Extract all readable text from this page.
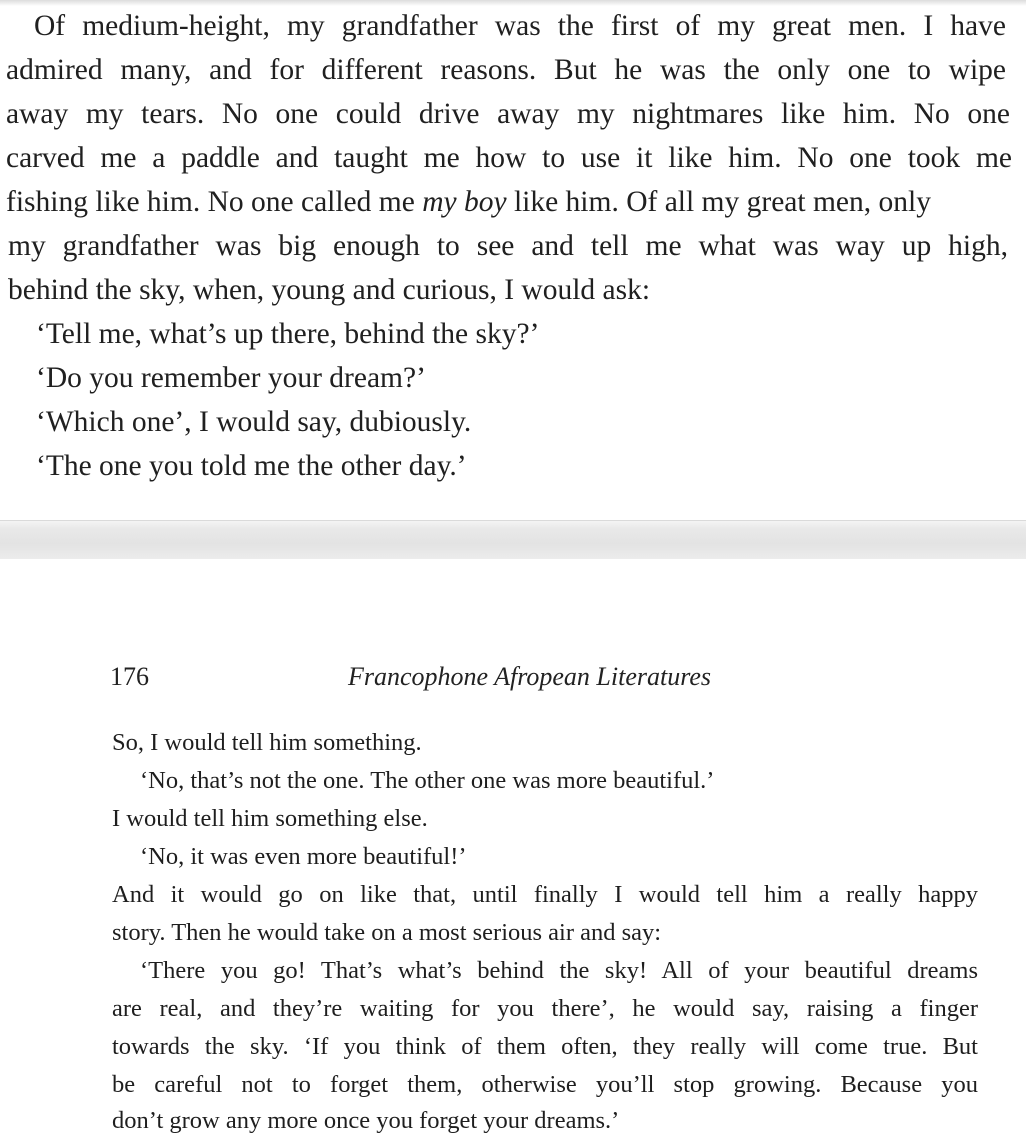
Of medium-height, my grandfather was the first of my great men. I have
admired many, and for different reasons. But he was the only one to wipe
away my tears. No one could drive away my nightmares like him. No one
carved me a paddle and taught me how to use it like him. No one took me
fishing like him. No one called me my boy like him. Of all my great men, only
my grandfather was big enough to see and tell me what was way up high,
behind the sky, when, young and curious, I would ask:
‘Tell me, what’s up there, behind the sky?’
‘Do you remember your dream?’
‘Which one’, I would say, dubiously.
‘The one you told me the other day.’
176	Francophone Afropean Literatures
So, I would tell him something.
‘No, that’s not the one. The other one was more beautiful.’
I would tell him something else.
‘No, it was even more beautiful!’
And it would go on like that, until finally I would tell him a really happy
story. Then he would take on a most serious air and say:
‘There you go! That’s what’s behind the sky! All of your beautiful dreams
are real, and they’re waiting for you there’, he would say, raising a finger
towards the sky. ‘If you think of them often, they really will come true. But
be careful not to forget them, otherwise you’ll stop growing. Because you
don’t grow any more once you forget your dreams.’
